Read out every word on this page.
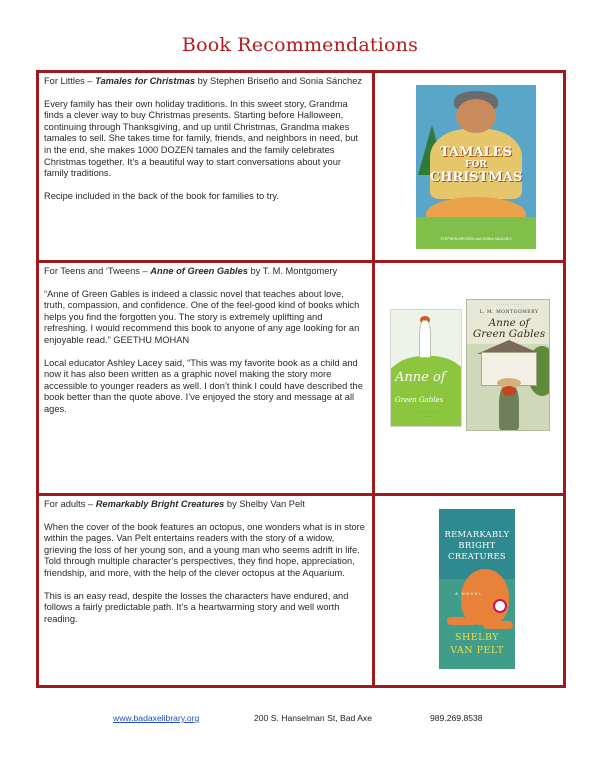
Book Recommendations
For Littles – Tamales for Christmas by Stephen Briseño and Sonia Sánchez
Every family has their own holiday traditions. In this sweet story, Grandma finds a clever way to buy Christmas presents. Starting before Halloween, continuing through Thanksgiving, and up until Christmas, Grandma makes tamales to sell. She takes time for family, friends, and neighbors in need, but in the end, she makes 1000 DOZEN tamales and the family celebrates Christmas together. It’s a beautiful way to start conversations about your family traditions.
Recipe included in the back of the book for families to try.
TAMALES
FOR
CHRISTMAS
STEPHEN BRISEÑO and SONIA SÁNCHEZ
For Teens and ‘Tweens – Anne of Green Gables by T. M. Montgomery
“Anne of Green Gables is indeed a classic novel that teaches about love, truth, compassion, and confidence. One of the feel-good kind of books which helps you find the forgotten you. The story is extremely uplifting and refreshing. I would recommend this book to anyone of any age looking for an enjoyable read.” GEETHU MOHAN
Local educator Ashley Lacey said, “This was my favorite book as a child and now it has also been written as a graphic novel making the story more accessible to younger readers as well. I don’t think I could have described the book better than the quote above. I’ve enjoyed the story and message at all ages.
Anne of
Green Gables
· · · · · · · · ·
· · · · · ·
· · · · · · · · · · · ·
L. M. MONTGOMERY
Anne of Green Gables
For adults – Remarkably Bright Creatures by Shelby Van Pelt
When the cover of the book features an octopus, one wonders what is in store within the pages. Van Pelt entertains readers with the story of a widow, grieving the loss of her young son, and a young man who seems adrift in life. Told through multiple character’s perspectives, they find hope, appreciation, friendship, and more, with the help of the clever octopus at the Aquarium.
This is an easy read, despite the losses the characters have endured, and follows a fairly predictable path. It’s a heartwarming story and well worth reading.
REMARKABLY
BRIGHT
CREATURES
A NOVEL
SHELBY
VAN PELT
www.badaxelibrary.org	200 S. Hanselman St, Bad Axe	989.269.8538
